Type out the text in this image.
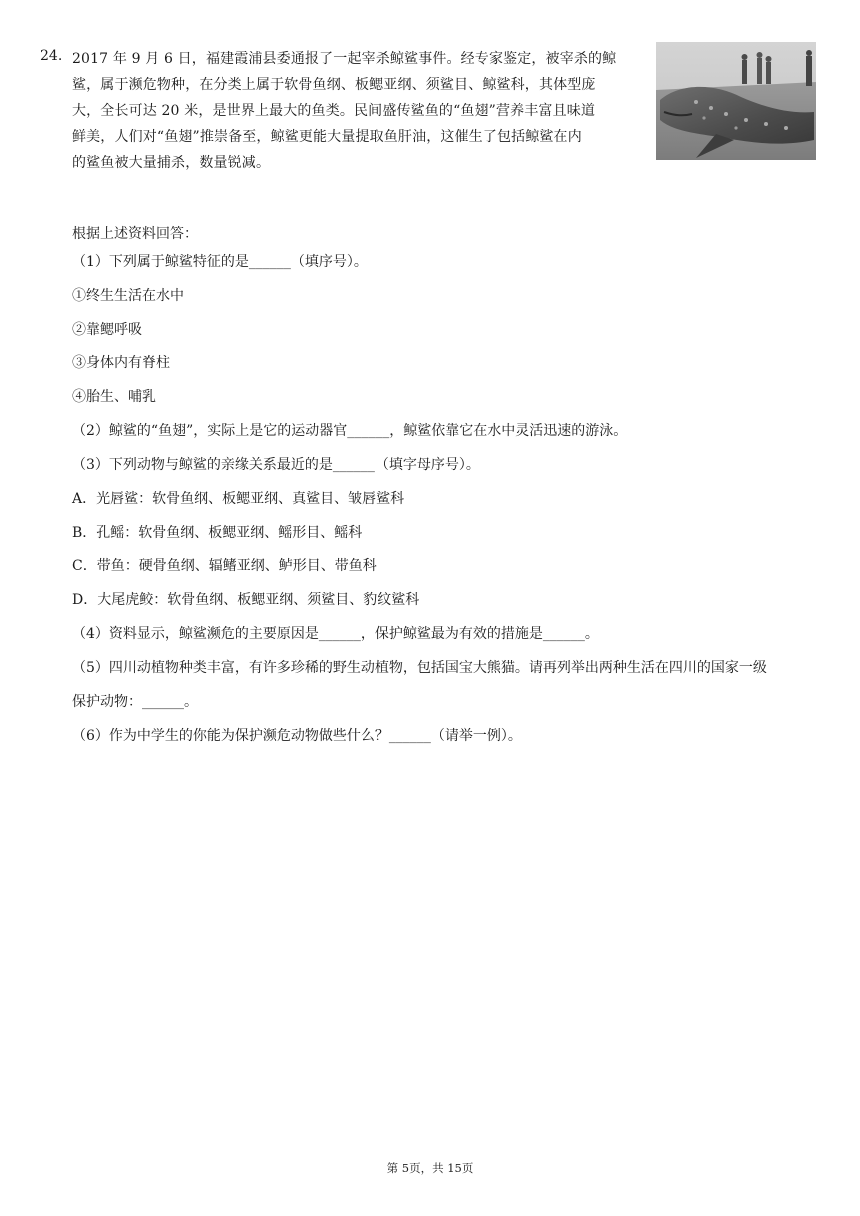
24. 2017 年 9 月 6 日，福建霞浦县委通报了一起宰杀鲸鲨事件。经专家鉴定，被宰杀的鲸
鲨，属于濒危物种，在分类上属于软骨鱼纲、板鳃亚纲、须鲨目、鲸鲨科，其体型庞
大，全长可达 20 米，是世界上最大的鱼类。民间盛传鲨鱼的“鱼翅”营养丰富且味道
鲜美，人们对“鱼翅”推崇备至，鲸鲨更能大量提取鱼肝油，这催生了包括鲸鲨在内
的鲨鱼被大量捕杀，数量锐减。
根据上述资料回答：
（1）下列属于鲸鲨特征的是______（填序号）。
①终生生活在水中
②靠鳃呼吸
③身体内有脊柱
④胎生、哺乳
（2）鲸鲨的“鱼翅”，实际上是它的运动器官______，鲸鲨依靠它在水中灵活迅速的游泳。
（3）下列动物与鲸鲨的亲缘关系最近的是______（填字母序号）。
A．光唇鲨：软骨鱼纲、板鳃亚纲、真鲨目、皱唇鲨科
B．孔鳐：软骨鱼纲、板鳃亚纲、鳐形目、鳐科
C．带鱼：硬骨鱼纲、辐鳍亚纲、鲈形目、带鱼科
D．大尾虎鲛：软骨鱼纲、板鳃亚纲、须鲨目、豹纹鲨科
（4）资料显示，鲸鲨濒危的主要原因是______，保护鲸鲨最为有效的措施是______。
（5）四川动植物种类丰富，有许多珍稀的野生动植物，包括国宝大熊猫。请再列举出两种生活在四川的国家一级
保护动物：______。
（6）作为中学生的你能为保护濒危动物做些什么？______（请举一例）。
第 5页，共 15页
